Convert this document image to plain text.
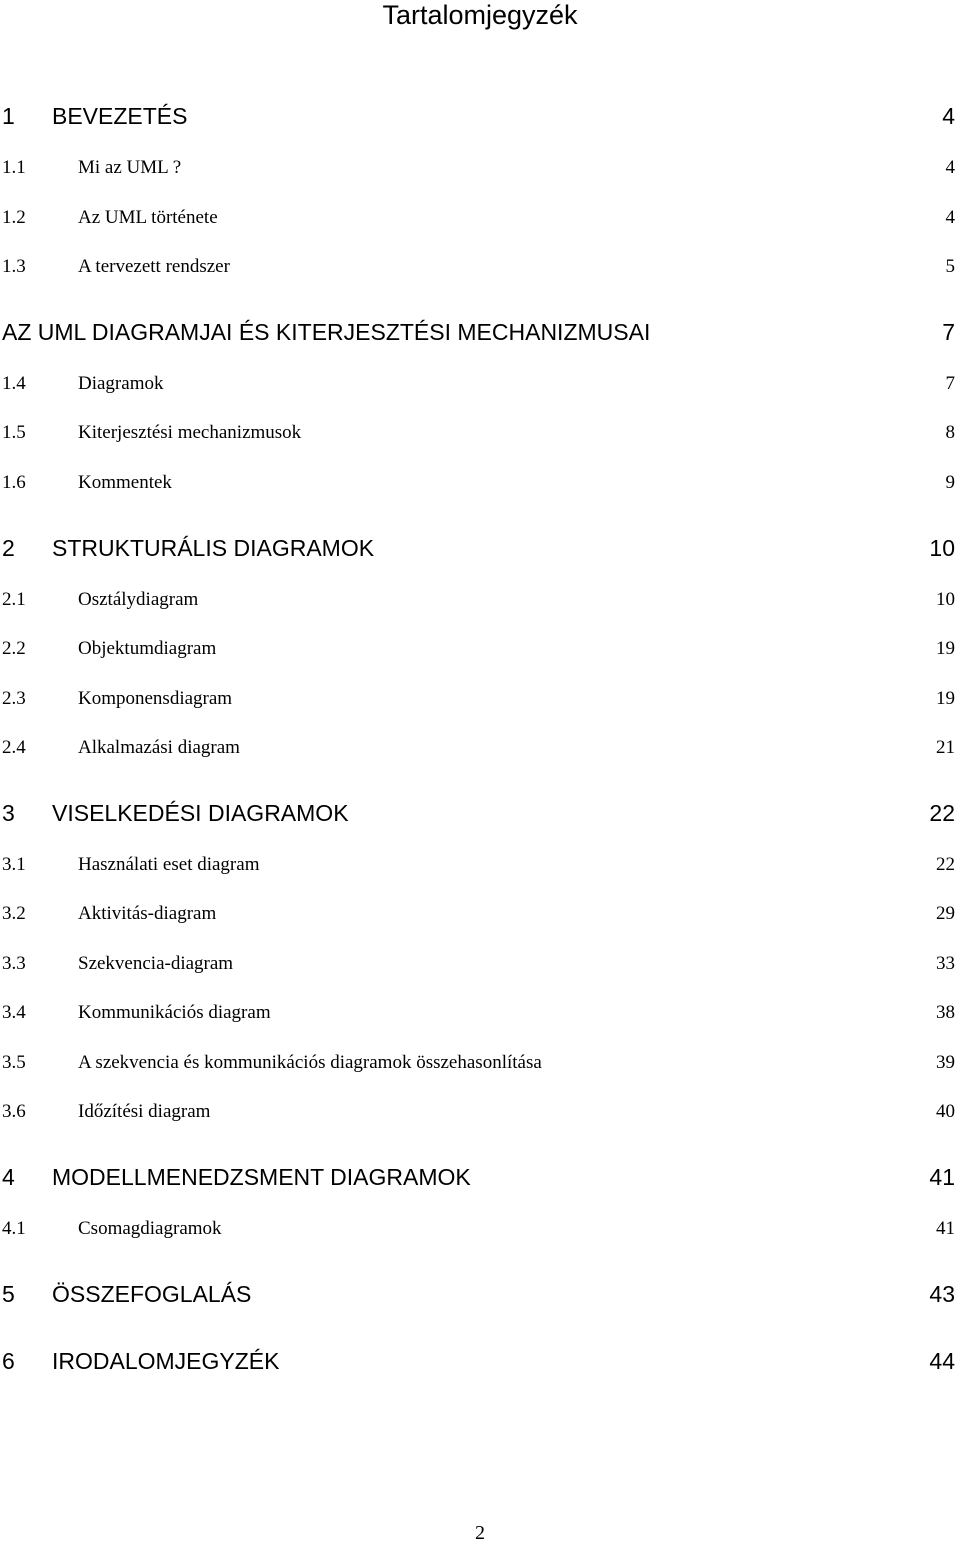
Tartalomjegyzék
1 BEVEZETÉS	4
1.1	Mi az UML ?	4
1.2	Az UML története	4
1.3	A tervezett rendszer	5
AZ UML DIAGRAMJAI ÉS KITERJESZTÉSI MECHANIZMUSAI	7
1.4	Diagramok	7
1.5	Kiterjesztési mechanizmusok	8
1.6	Kommentek	9
2 STRUKTURÁLIS DIAGRAMOK	10
2.1	Osztálydiagram	10
2.2	Objektumdiagram	19
2.3	Komponensdiagram	19
2.4	Alkalmazási diagram	21
3 VISELKEDÉSI DIAGRAMOK	22
3.1	Használati eset diagram	22
3.2	Aktivitás-diagram	29
3.3	Szekvencia-diagram	33
3.4	Kommunikációs diagram	38
3.5	A szekvencia és kommunikációs diagramok összehasonlítása	39
3.6	Időzítési diagram	40
4 MODELLMENEDZSMENT DIAGRAMOK	41
4.1	Csomagdiagramok	41
5 ÖSSZEFOGLALÁS	43
6 IRODALOMJEGYZÉK	44
2
